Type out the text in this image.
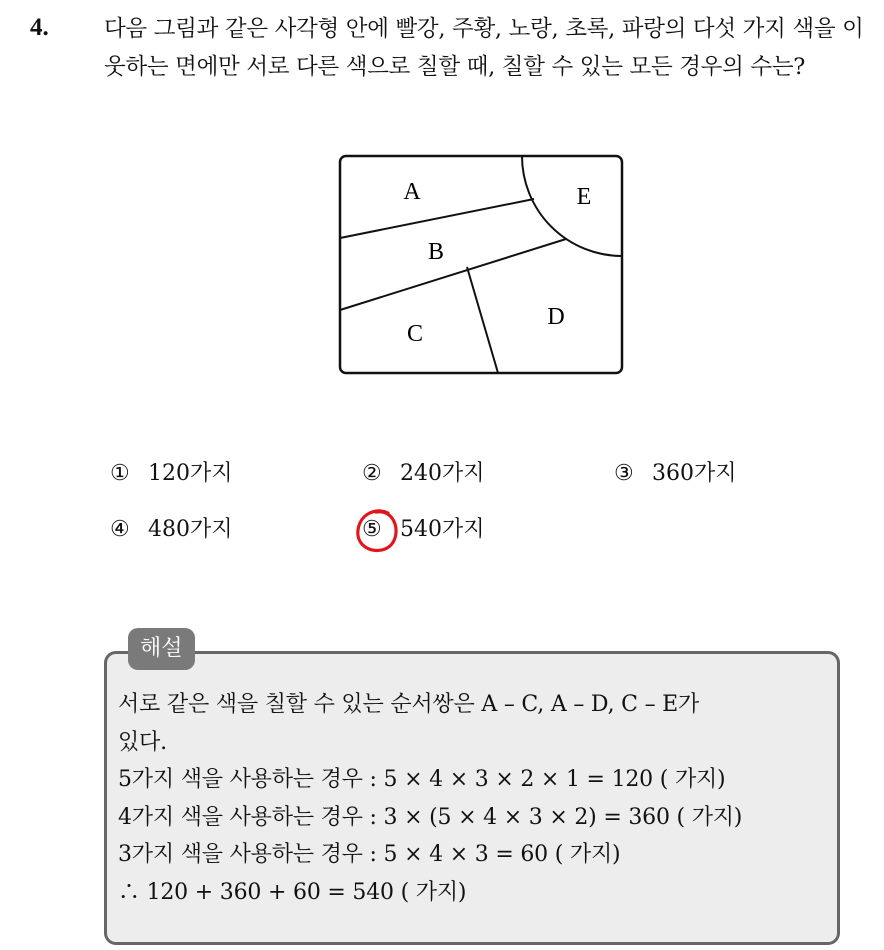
4. 다음 그림과 같은 사각형 안에 빨강, 주황, 노랑, 초록, 파랑의 다섯 가지 색을 이웃하는 면에만 서로 다른 색으로 칠할 때, 칠할 수 있는 모든 경우의 수는?
A
B
C
D
E
① 120가지	② 240가지	③ 360가지
④ 480가지	⑤ 540가지
해설
서로 같은 색을 칠할 수 있는 순서쌍은 A – C, A – D, C – E가
있다.
5가지 색을 사용하는 경우 : 5 × 4 × 3 × 2 × 1 = 120 ( 가지)
4가지 색을 사용하는 경우 : 3 × (5 × 4 × 3 × 2) = 360 ( 가지)
3가지 색을 사용하는 경우 : 5 × 4 × 3 = 60 ( 가지)
∴ 120 + 360 + 60 = 540 ( 가지)
